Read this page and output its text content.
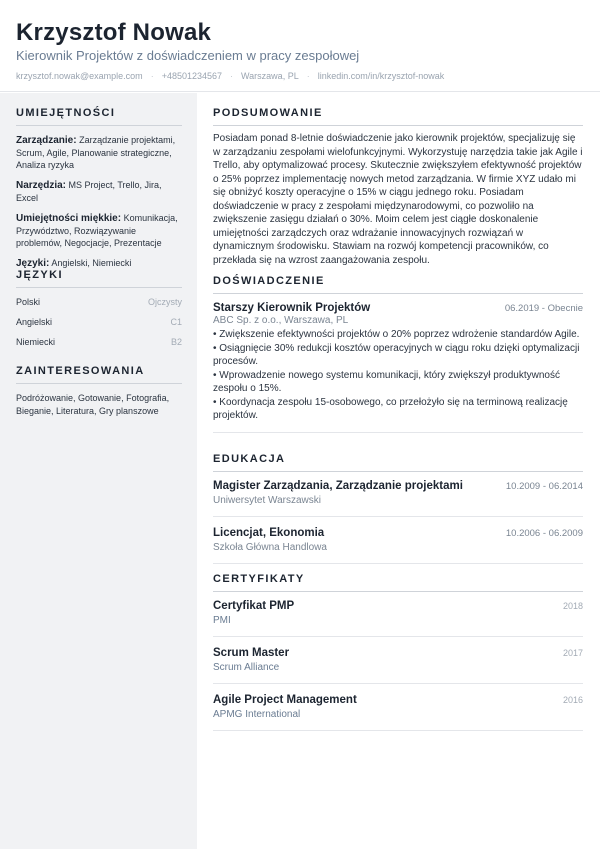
Krzysztof Nowak
Kierownik Projektów z doświadczeniem w pracy zespołowej
krzysztof.nowak@example.com · +48501234567 · Warszawa, PL · linkedin.com/in/krzysztof-nowak
UMIEJĘTNOŚCI
Zarządzanie: Zarządzanie projektami, Scrum, Agile, Planowanie strategiczne, Analiza ryzyka
Narzędzia: MS Project, Trello, Jira, Excel
Umiejętności miękkie: Komunikacja, Przywództwo, Rozwiązywanie problemów, Negocjacje, Prezentacje
Języki: Angielski, Niemiecki
JĘZYKI
Polski	Ojczysty
Angielski	C1
Niemiecki	B2
ZAINTERESOWANIA
Podróżowanie, Gotowanie, Fotografia, Bieganie, Literatura, Gry planszowe
PODSUMOWANIE
Posiadam ponad 8-letnie doświadczenie jako kierownik projektów, specjalizuję się w zarządzaniu zespołami wielofunkcyjnymi. Wykorzystuję narzędzia takie jak Agile i Trello, aby optymalizować procesy. Skutecznie zwiększyłem efektywność projektów o 25% poprzez implementację nowych metod zarządzania. W firmie XYZ udało mi się obniżyć koszty operacyjne o 15% w ciągu jednego roku. Posiadam doświadczenie w pracy z zespołami międzynarodowymi, co pozwoliło na zwiększenie zasięgu działań o 30%. Moim celem jest ciągłe doskonalenie umiejętności zarządczych oraz wdrażanie innowacyjnych rozwiązań w dynamicznym środowisku. Stawiam na rozwój kompetencji pracowników, co przekłada się na wzrost zaangażowania zespołu.
DOŚWIADCZENIE
Starszy Kierownik Projektów	06.2019 - Obecnie
ABC Sp. z o.o., Warszawa, PL
• Zwiększenie efektywności projektów o 20% poprzez wdrożenie standardów Agile.
• Osiągnięcie 30% redukcji kosztów operacyjnych w ciągu roku dzięki optymalizacji procesów.
• Wprowadzenie nowego systemu komunikacji, który zwiększył produktywność zespołu o 15%.
• Koordynacja zespołu 15-osobowego, co przełożyło się na terminową realizację projektów.
EDUKACJA
Magister Zarządzania, Zarządzanie projektami	10.2009 - 06.2014
Uniwersytet Warszawski
Licencjat, Ekonomia	10.2006 - 06.2009
Szkoła Główna Handlowa
CERTYFIKATY
Certyfikat PMP	2018
PMI
Scrum Master	2017
Scrum Alliance
Agile Project Management	2016
APMG International
